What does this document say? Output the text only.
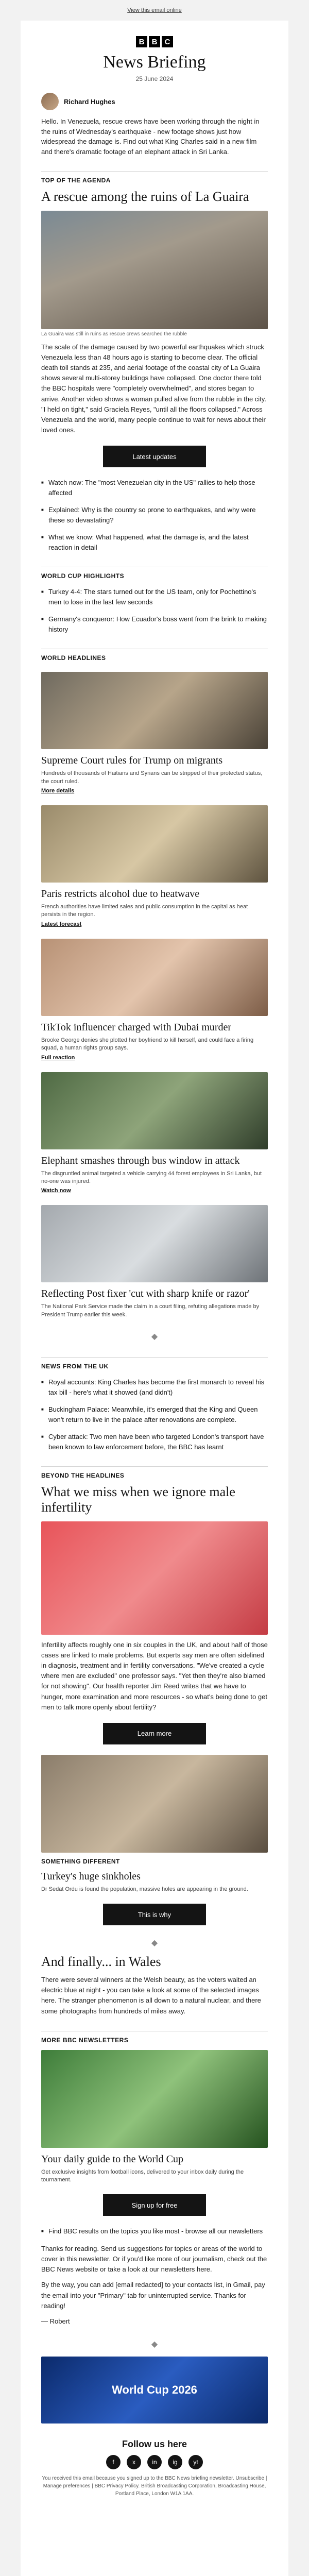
View this email online
B B C
News Briefing
25 June 2024
Richard Hughes

Hello. In Venezuela, rescue crews have been working through the night in the ruins of Wednesday's earthquake - new footage shows just how widespread the damage is. Find out what King Charles said in a new film and there's dramatic footage of an elephant attack in Sri Lanka.

TOP OF THE AGENDA
A rescue among the ruins of La Guaira
La Guaira was still in ruins as rescue crews searched the rubble
The scale of the damage caused by two powerful earthquakes which struck Venezuela less than 48 hours ago is starting to become clear. The official death toll stands at 235, and aerial footage of the coastal city of La Guaira shows several multi-storey buildings have collapsed. One doctor there told the BBC hospitals were "completely overwhelmed", and stores began to arrive. Another video shows a woman pulled alive from the rubble in the city. "I held on tight," said Graciela Reyes, "until all the floors collapsed." Across Venezuela and the world, many people continue to wait for news about their loved ones.
Latest updates
■ Watch now: The "most Venezuelan city in the US" rallies to help those affected
■ Explained: Why is the country so prone to earthquakes, and why were these so devastating?
■ What we know: What happened, what the damage is, and the latest reaction in detail
WORLD CUP HIGHLIGHTS
■ Turkey 4-4: The stars turned out for the US team, only for Pochettino's men to lose in the last few seconds
■ Germany's conqueror: How Ecuador's boss went from the brink to making history
WORLD HEADLINES
Supreme Court rules for Trump on migrants
Hundreds of thousands of Haitians and Syrians can be stripped of their protected status, the court ruled.
More details
Paris restricts alcohol due to heatwave
French authorities have limited sales and public consumption in the capital as heat persists in the region.
Latest forecast
TikTok influencer charged with Dubai murder
Brooke George denies she plotted her boyfriend to kill herself, and could face a firing squad, a human rights group says.
Full reaction
Elephant smashes through bus window in attack
The disgruntled animal targeted a vehicle carrying 44 forest employees in Sri Lanka, but no-one was injured.
Watch now
Reflecting Post fixer 'cut with sharp knife or razor'
The National Park Service made the claim in a court filing, refuting allegations made by President Trump earlier this week.
◆
NEWS FROM THE UK
■ Royal accounts: King Charles has become the first monarch to reveal his tax bill - here's what it showed (and didn't)
■ Buckingham Palace: Meanwhile, it's emerged that the King and Queen won't return to live in the palace after renovations are complete.
■ Cyber attack: Two men have been who targeted London's transport have been known to law enforcement before, the BBC has learnt
BEYOND THE HEADLINES
What we miss when we ignore male infertility
Infertility affects roughly one in six couples in the UK, and about half of those cases are linked to male problems. But experts say men are often sidelined in diagnosis, treatment and in fertility conversations. "We've created a cycle where men are excluded" one professor says. "Yet then they're also blamed for not showing". Our health reporter Jim Reed writes that we have to hunger, more examination and more resources - so what's being done to get men to talk more openly about fertility?
Learn more
SOMETHING DIFFERENT
Turkey's huge sinkholes
Dr Sedat Ordu is found the population, massive holes are appearing in the ground.
This is why
◆
And finally... in Wales
There were several winners at the Welsh beauty, as the voters waited an electric blue at night - you can take a look at some of the selected images here. The stranger phenomenon is all down to a natural nuclear, and there some photographs from hundreds of miles away.
MORE BBC NEWSLETTERS
Your daily guide to the World Cup
Get exclusive insights from football icons, delivered to your inbox daily during the tournament.
Sign up for free
■ Find BBC results on the topics you like most - browse all our newsletters
Thanks for reading. Send us suggestions for topics or areas of the world to cover in this newsletter. Or if you'd like more of our journalism, check out the BBC News website or take a look at our newsletters here.
By the way, you can add [email redacted] to your contacts list, in Gmail, pay the email into your "Primary" tab for uninterrupted service. Thanks for reading!
— Robert
◆
World Cup 2026
Follow us here
f	x	in	ig	yt
You received this email because you signed up to the BBC News briefing newsletter. Unsubscribe | Manage preferences | BBC Privacy Policy. British Broadcasting Corporation, Broadcasting House, Portland Place, London W1A 1AA.
